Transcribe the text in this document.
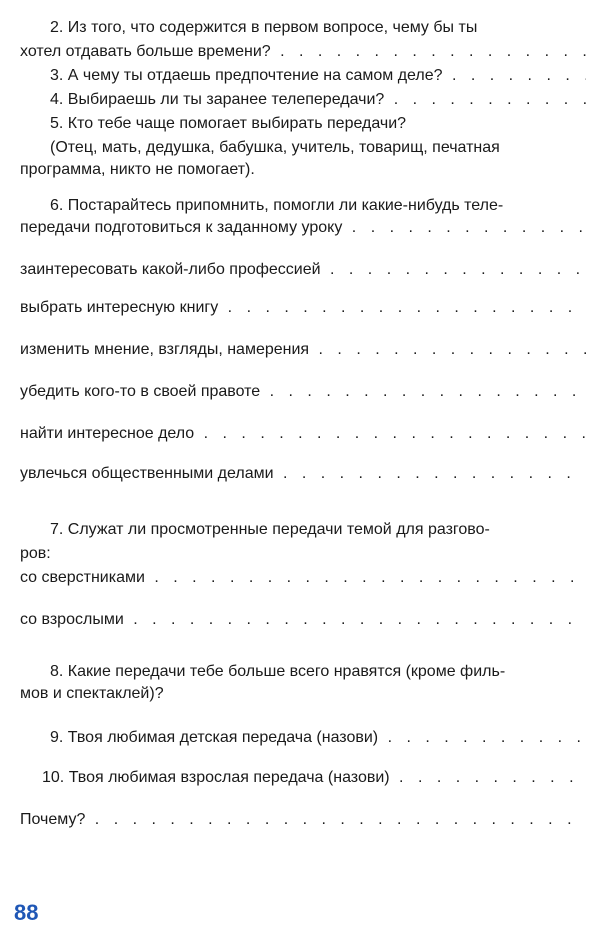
2. Из того, что содержится в первом вопросе, чему бы ты
хотел отдавать больше времени? . . .
3. А чему ты отдаешь предпочтение на самом деле? . . .
4. Выбираешь ли ты заранее телепередачи? . . .
5. Кто тебе чаще помогает выбирать передачи?
(Отец, мать, дедушка, бабушка, учитель, товарищ, печатная
программа, никто не помогает).
6. Постарайтесь припомнить, помогли ли какие-нибудь теле-
передачи подготовиться к заданному уроку . . .
заинтересовать какой-либо профессией . . .
выбрать интересную книгу . . .
изменить мнение, взгляды, намерения . . .
убедить кого-то в своей правоте . . .
найти интересное дело . . .
увлечься общественными делами . . .
7. Служат ли просмотренные передачи темой для разгово-
ров:
со сверстниками . . .
со взрослыми . . .
8. Какие передачи тебе больше всего нравятся (кроме филь-
мов и спектаклей)?
9. Твоя любимая детская передача (назови) . . .
10. Твоя любимая взрослая передача (назови) . . .
Почему? . . .
88
